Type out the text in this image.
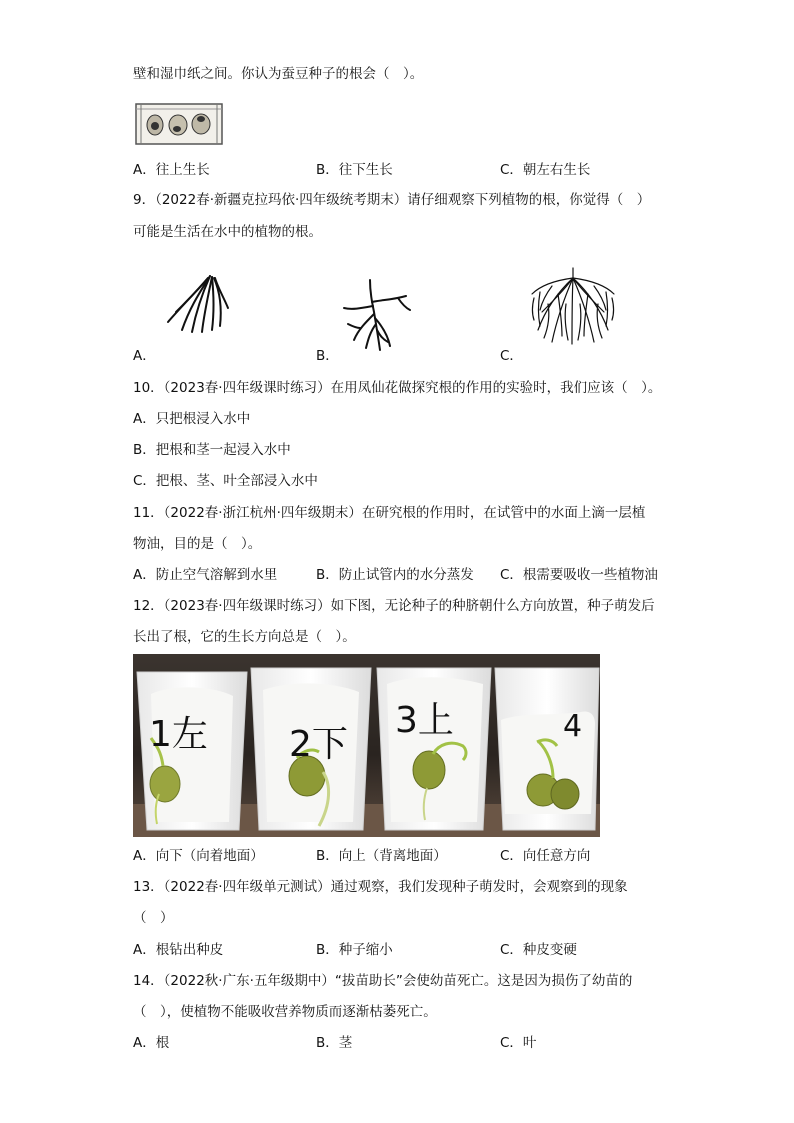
壁和湿巾纸之间。你认为蚕豆种子的根会（　）。
A．往上生长	B．往下生长	C．朝左右生长
9．（2022春·新疆克拉玛依·四年级统考期末）请仔细观察下列植物的根，你觉得（　）
可能是生活在水中的植物的根。
A．	B．	C．
10．（2023春·四年级课时练习）在用凤仙花做探究根的作用的实验时，我们应该（　）。
A．只把根浸入水中
B．把根和茎一起浸入水中
C．把根、茎、叶全部浸入水中
11．（2022春·浙江杭州·四年级期末）在研究根的作用时，在试管中的水面上滴一层植
物油，目的是（　）。
A．防止空气溶解到水里	B．防止试管内的水分蒸发 C．根需要吸收一些植物油
12．（2023春·四年级课时练习）如下图，无论种子的种脐朝什么方向放置，种子萌发后
长出了根，它的生长方向总是（　）。
1左 2下
3上	4
A．向下（向着地面）	B．向上（背离地面）	C．向任意方向
13．（2022春·四年级单元测试）通过观察，我们发现种子萌发时，会观察到的现象
（　）
A．根钻出种皮	B．种子缩小	C．种皮变硬
14．（2022秋·广东·五年级期中）“拔苗助长”会使幼苗死亡。这是因为损伤了幼苗的
（　），使植物不能吸收营养物质而逐渐枯萎死亡。
A．根	B．茎	C．叶
